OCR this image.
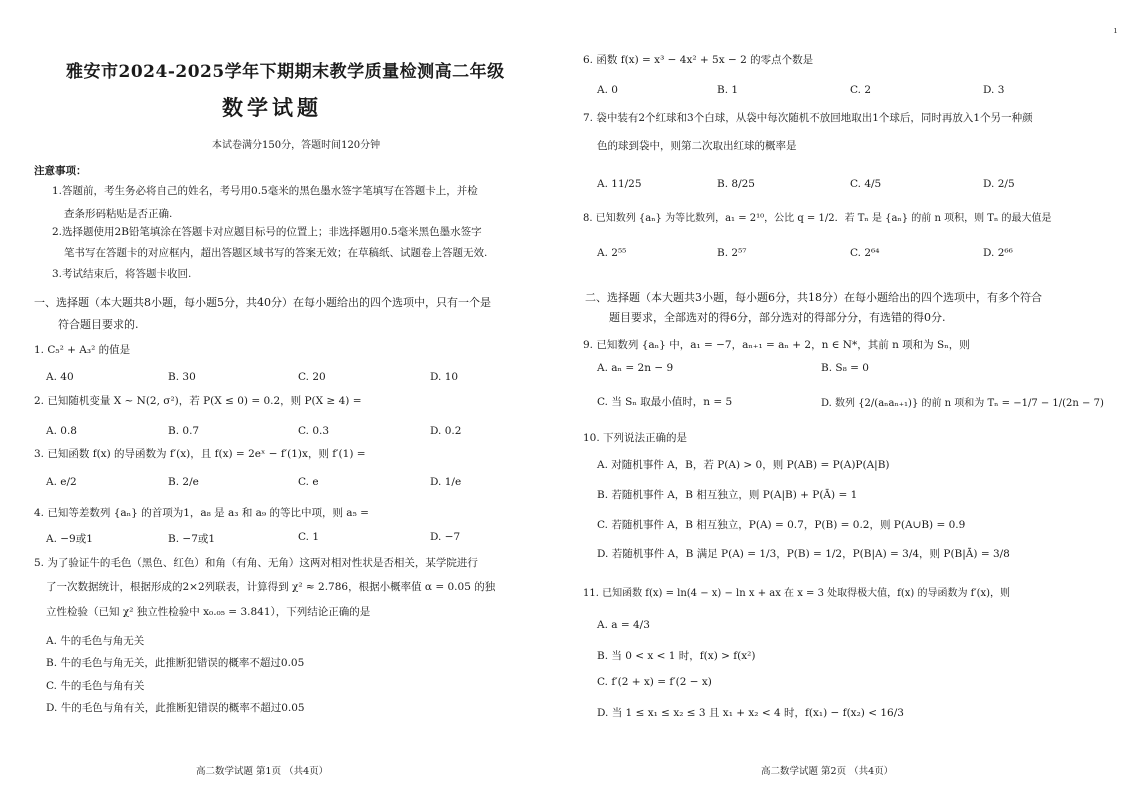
雅安市2024-2025学年下期期末教学质量检测高二年级
数学试题
本试卷满分150分，答题时间120分钟
注意事项：
1.答题前，考生务必将自己的姓名，考号用0.5毫米的黑色墨水签字笔填写在答题卡上，并检
查条形码粘贴是否正确.
2.选择题使用2B铅笔填涂在答题卡对应题目标号的位置上；非选择题用0.5毫米黑色墨水签字
笔书写在答题卡的对应框内，超出答题区域书写的答案无效；在草稿纸、试题卷上答题无效.
3.考试结束后，将答题卡收回.
一、选择题（本大题共8小题，每小题5分，共40分）在每小题给出的四个选项中，只有一个是
符合题目要求的.
1. C₅² + A₃² 的值是
A. 40	B. 30	C. 20	D. 10
2. 已知随机变量 X ~ N(2, σ²)，若 P(X ≤ 0) = 0.2，则 P(X ≥ 4) =
A. 0.8	B. 0.7	C. 0.3	D. 0.2
3. 已知函数 f(x) 的导函数为 f′(x)，且 f(x) = 2eˣ − f′(1)x，则 f′(1) =
A. e/2	B. 2/e	C. e	D. 1/e
4. 已知等差数列 {aₙ} 的首项为1，a₈ 是 a₃ 和 a₉ 的等比中项，则 a₅ =
A. −9或1	B. −7或1	C. 1	D. −7
5. 为了验证牛的毛色（黑色、红色）和角（有角、无角）这两对相对性状是否相关，某学院进行
了一次数据统计，根据形成的2×2列联表，计算得到 χ² ≈ 2.786，根据小概率值 α = 0.05 的独
立性检验（已知 χ² 独立性检验中 x₀.₀₅ = 3.841），下列结论正确的是
A. 牛的毛色与角无关
B. 牛的毛色与角无关，此推断犯错误的概率不超过0.05
C. 牛的毛色与角有关
D. 牛的毛色与角有关，此推断犯错误的概率不超过0.05
高二数学试题 第1页 （共4页）
6. 函数 f(x) = x³ − 4x² + 5x − 2 的零点个数是
A. 0	B. 1	C. 2	D. 3
7. 袋中装有2个红球和3个白球，从袋中每次随机不放回地取出1个球后，同时再放入1个另一种颜
色的球到袋中，则第二次取出红球的概率是
A. 11/25	B. 8/25	C. 4/5	D. 2/5
8. 已知数列 {aₙ} 为等比数列，a₁ = 2¹⁰，公比 q = 1/2．若 Tₙ 是 {aₙ} 的前 n 项积，则 Tₙ 的最大值是
A. 2⁵⁵	B. 2⁵⁷	C. 2⁶⁴	D. 2⁶⁶
二、选择题（本大题共3小题，每小题6分，共18分）在每小题给出的四个选项中，有多个符合
题目要求，全部选对的得6分，部分选对的得部分分，有选错的得0分.
9. 已知数列 {aₙ} 中，a₁ = −7，aₙ₊₁ = aₙ + 2，n ∈ N*，其前 n 项和为 Sₙ，则
A. aₙ = 2n − 9	B. S₈ = 0
C. 当 Sₙ 取最小值时，n = 5	D. 数列 {2/(aₙaₙ₊₁)} 的前 n 项和为 Tₙ = −1/7 − 1/(2n − 7)
10. 下列说法正确的是
A. 对随机事件 A，B，若 P(A) > 0，则 P(AB) = P(A)P(A|B)
B. 若随机事件 A，B 相互独立，则 P(A|B) + P(Ā) = 1
C. 若随机事件 A，B 相互独立，P(A) = 0.7，P(B) = 0.2，则 P(A∪B) = 0.9
D. 若随机事件 A，B 满足 P(A) = 1/3，P(B) = 1/2，P(B|A) = 3/4，则 P(B|Ā) = 3/8
11. 已知函数 f(x) = ln(4 − x) − ln x + ax 在 x = 3 处取得极大值，f(x) 的导函数为 f′(x)，则
A. a = 4/3
B. 当 0 < x < 1 时，f(x) > f(x²)
C. f′(2 + x) = f′(2 − x)
D. 当 1 ≤ x₁ ≤ x₂ ≤ 3 且 x₁ + x₂ < 4 时，f(x₁) − f(x₂) < 16/3
高二数学试题 第2页 （共4页）
ı
